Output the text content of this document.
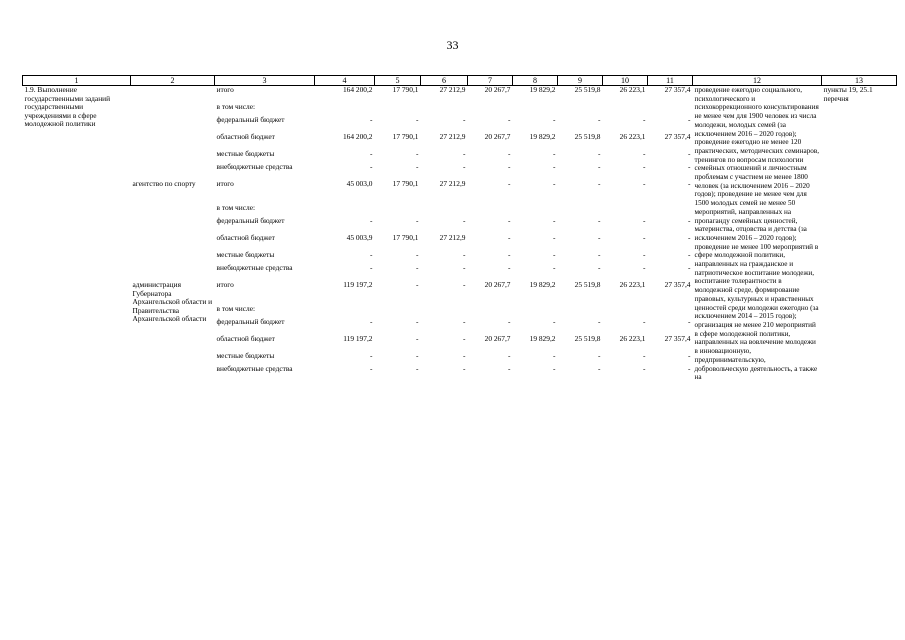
33
1	2	3	4	5	6	7	8	9	10	11	12	13
1.9. Выполнение государственными заданий государственными учреждениями в сфере молодежной политики		итого	164 200,2	17 790,1	27 212,9	20 267,7	19 829,2	25 519,8	26 223,1	27 357,4	проведение ежегодно социального, психологического и психокоррекционного консультирования не менее чем для 1900 человек из числа молодежи, молодых семей (за исключением 2016 – 2020 годов); проведение ежегодно не менее 120 практических, методических семинаров, тренингов по вопросам психологии семейных отношений и личностным проблемам с участием не менее 1800 человек (за исключением 2016 – 2020 годов); проведение не менее чем для 1500 молодых семей не менее 50 мероприятий, направленных на пропаганду семейных ценностей, материнства, отцовства и детства (за исключением 2016 – 2020 годов); проведение не менее 100 мероприятий в сфере молодежной политики, направленных на гражданское и патриотическое воспитание молодежи, воспитание толерантности в молодежной среде, формирование правовых, культурных и нравственных ценностей среди молодежи ежегодно (за исключением 2014 – 2015 годов); организация не менее 210 мероприятий в сфере молодежной политики, направленных на вовлечение молодежи в инновационную, предпринимательскую, добровольческую деятельность, а также на	пункты 19, 25.1 перечня
		в том числе:										
		федеральный бюджет	-	-	-	-	-	-	-	-		
		областной бюджет	164 200,2	17 790,1	27 212,9	20 267,7	19 829,2	25 519,8	26 223,1	27 357,4		
		местные бюджеты	-	-	-	-	-	-	-	-		
		внебюджетные средства	-	-	-	-	-	-	-	-		
	агентство по спорту	итого	45 003,0	17 790,1	27 212,9	-	-	-	-	-		
		в том числе:										
		федеральный бюджет	-	-	-	-	-	-	-	-		
		областной бюджет	45 003,9	17 790,1	27 212,9	-	-	-	-	-		
		местные бюджеты	-	-	-	-	-	-	-	-		
		внебюджетные средства	-	-	-	-	-	-	-	-		
	администрация Губернатора Архангельской области и Правительства Архангельской области	итого	119 197,2	-	-	20 267,7	19 829,2	25 519,8	26 223,1	27 357,4		
		в том числе:										
		федеральный бюджет	-	-	-	-	-	-	-	-		
		областной бюджет	119 197,2	-	-	20 267,7	19 829,2	25 519,8	26 223,1	27 357,4		
		местные бюджеты	-	-	-	-	-	-	-	-		
		внебюджетные средства	-	-	-	-	-	-	-	-		
